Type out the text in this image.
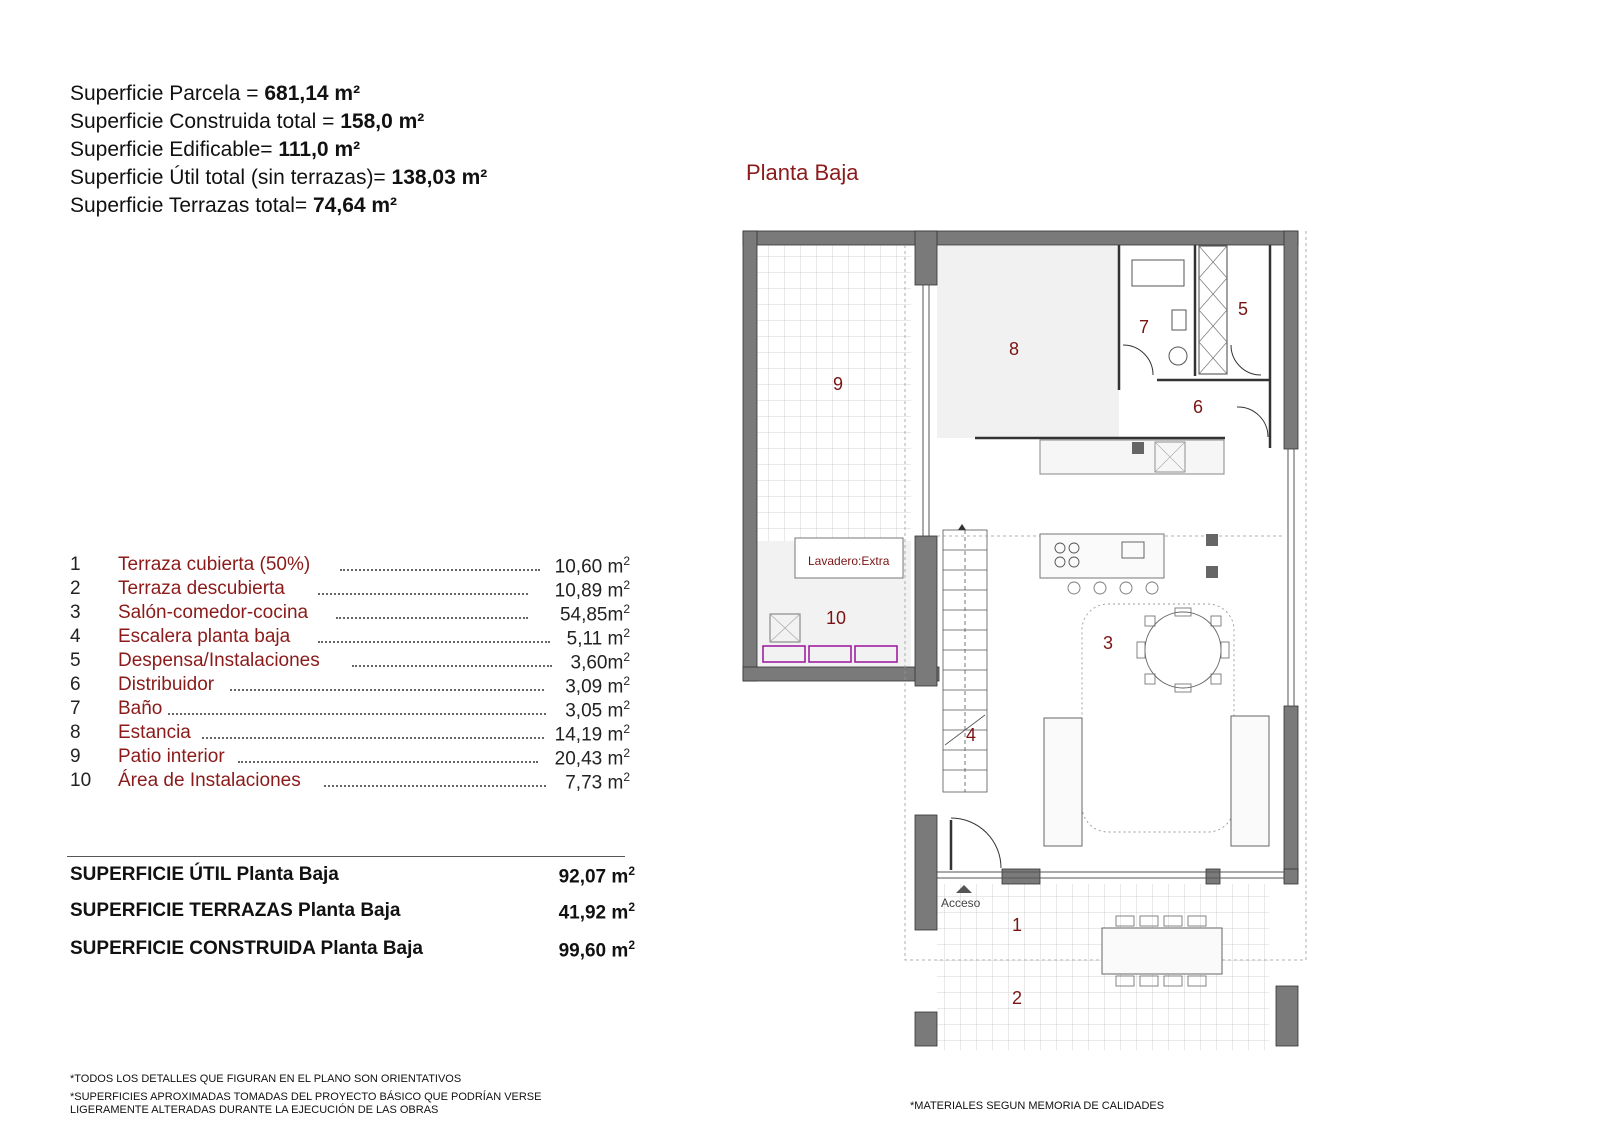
Superficie Parcela = 681,14 m²
Superficie Construida total = 158,0 m²
Superficie Edificable= 111,0 m²
Superficie Útil total (sin terrazas)= 138,03 m²
Superficie Terrazas total= 74,64 m²
1	Terraza cubierta (50%)	10,60 $m^2$
2	Terraza descubierta	10,89 $m^2$
3	Salón-comedor-cocina	$54,85m^2$
4	Escalera planta baja	5,11 $m^2$
5	Despensa/Instalaciones	$3,60m^2$
6	Distribuidor	3,09 $m^2$
7	Baño	3,05 $m^2$
8	Estancia	14,19 $m^2$
9	Patio interior	20,43 $m^2$
10	Área de Instalaciones	7,73 $m^2$
SUPERFICIE ÚTIL Planta Baja	92,07 $m^2$
SUPERFICIE TERRAZAS Planta Baja	41,92 $m^2$
SUPERFICIE CONSTRUIDA Planta Baja	99,60 $m^2$
*TODOS LOS DETALLES QUE FIGURAN EN EL PLANO SON ORIENTATIVOS
*SUPERFICIES APROXIMADAS TOMADAS DEL PROYECTO BÁSICO QUE PODRÍAN VERSE
LIGERAMENTE ALTERADAS DURANTE LA EJECUCIÓN DE LAS OBRAS	*MATERIALES SEGUN MEMORIA DE CALIDADES
Planta Baja
1
2
3
4
5
6
7
8
9
10
Lavadero:Extra
Acceso
